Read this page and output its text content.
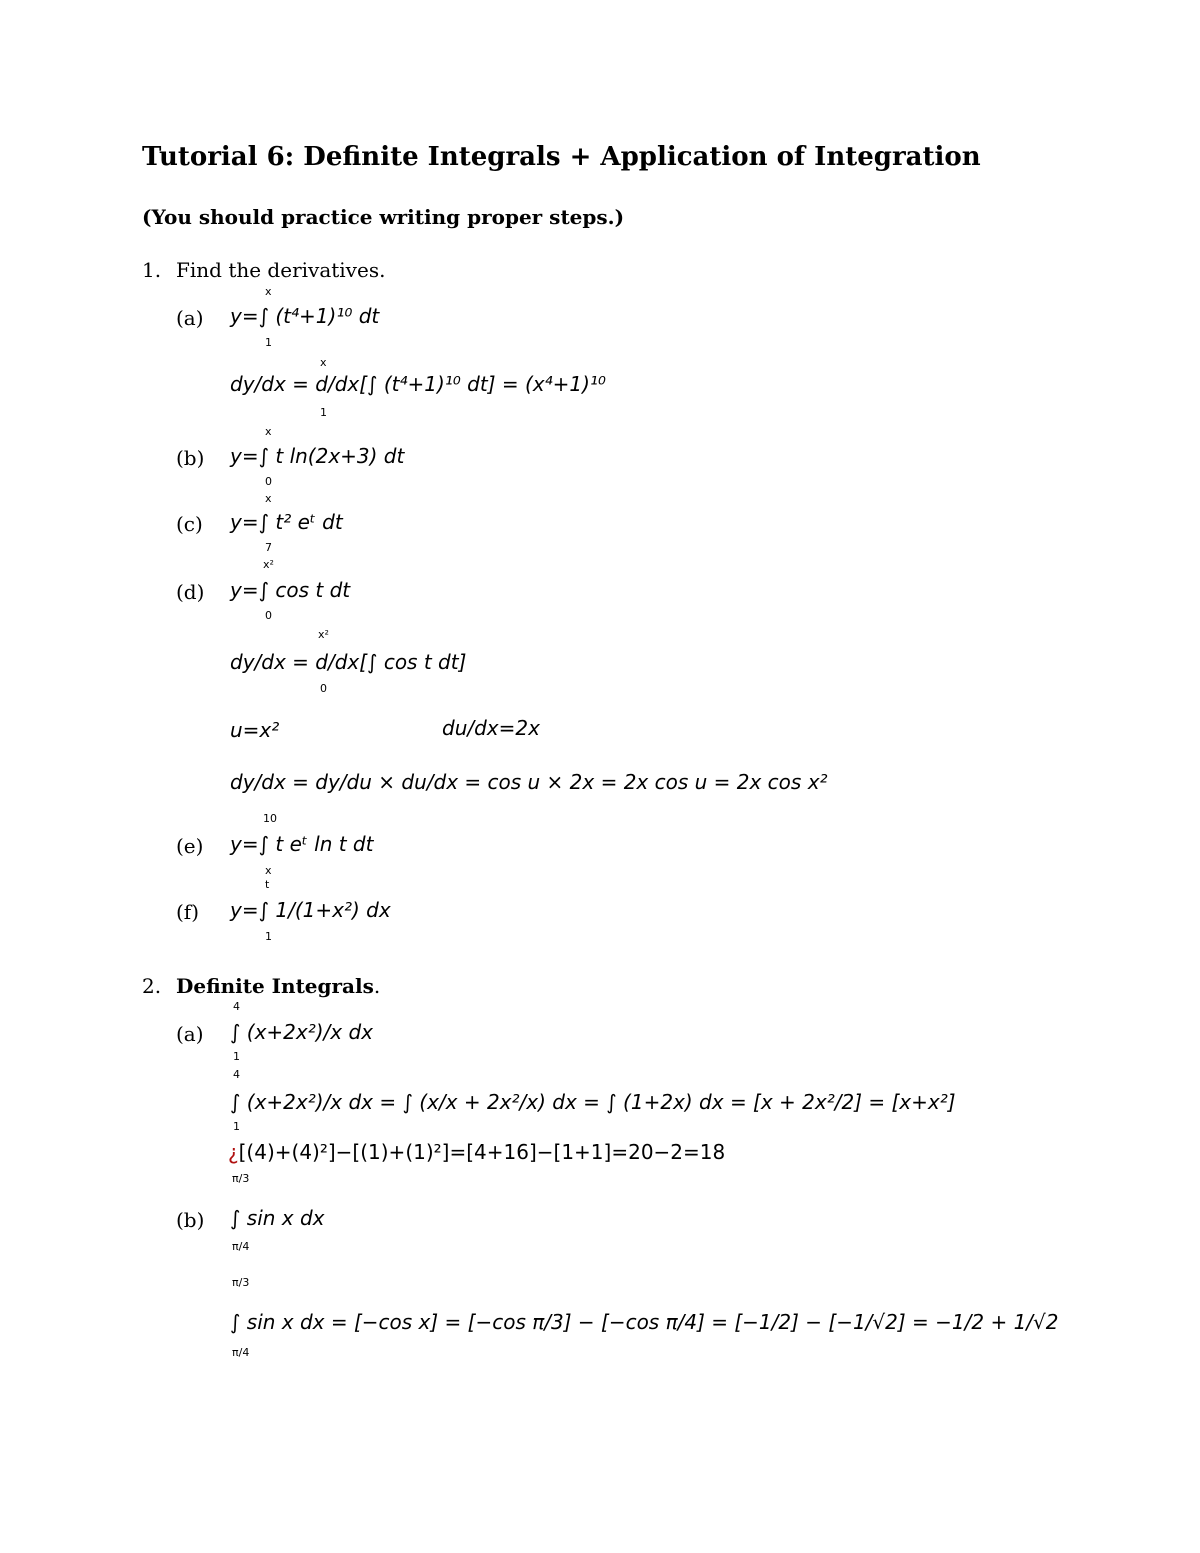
Tutorial 6: Definite Integrals + Application of Integration
(You should practice writing proper steps.)
1. Find the derivatives.
(a)
x
1
y=∫ (t⁴+1)¹⁰ dt
dy/dx = d/dx[∫ (t⁴+1)¹⁰ dt] = (x⁴+1)¹⁰
x
1
x
(b) y=∫ t ln(2x+3) dt
0
x
(c) y=∫ t² eᵗ dt
7
x²
(d) y=∫ cos t dt
0
dy/dx = d/dx[∫ cos t dt]
x²
0
u=x²	du/dx=2x
dy/dx = dy/du × du/dx = cos u × 2x = 2x cos u = 2x cos x²
10
(e) y=∫ t eᵗ ln t dt
x
t
(f) y=∫ 1/(1+x²) dx
1
2. Definite Integrals.
4
(a) ∫ (x+2x²)/x dx
1
∫ (x+2x²)/x dx = ∫ (x/x + 2x²/x) dx = ∫ (1+2x) dx = [x + 2x²/2] = [x+x²]
4
1
¿[(4)+(4)²]−[(1)+(1)²]=[4+16]−[1+1]=20−2=18
π/3
(b) ∫ sin x dx
π/4
π/3
∫ sin x dx = [−cos x] = [−cos π/3] − [−cos π/4] = [−1/2] − [−1/√2] = −1/2 + 1/√2
π/4
